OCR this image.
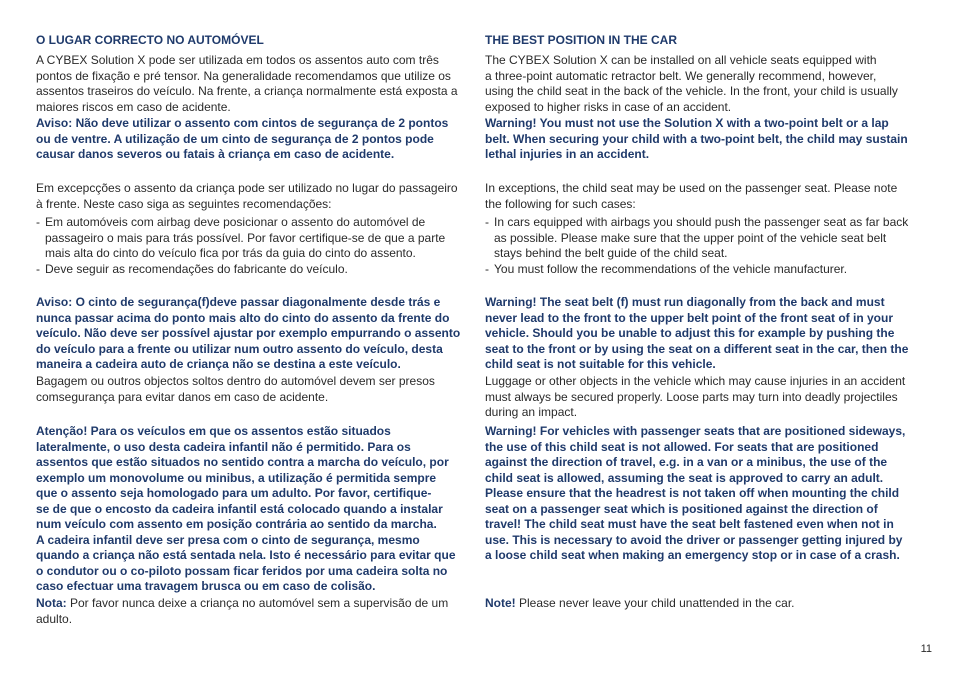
O LUGAR CORRECTO NO AUTOMÓVEL
A CYBEX Solution X pode ser utilizada em todos os assentos auto com três
pontos de fixação e pré tensor. Na generalidade recomendamos que utilize os
assentos traseiros do veículo. Na frente, a criança normalmente está exposta a
maiores riscos em caso de acidente.
Aviso: Não deve utilizar o assento com cintos de segurança de 2 pontos
ou de ventre. A utilização de um cinto de segurança de 2 pontos pode
causar danos severos ou fatais à criança em caso de acidente.
Em excepcções o assento da criança pode ser utilizado no lugar do passageiro
à frente. Neste caso siga as seguintes recomendações:
- Em automóveis com airbag deve posicionar o assento do automóvel de
passageiro o mais para trás possível. Por favor certifique-se de que a parte
mais alta do cinto do veículo fica por trás da guia do cinto do assento.
- Deve seguir as recomendações do fabricante do veículo.
Aviso: O cinto de segurança(f)deve passar diagonalmente desde trás e
nunca passar acima do ponto mais alto do cinto do assento da frente do
veículo. Não deve ser possível ajustar por exemplo empurrando o assento
do veículo para a frente ou utilizar num outro assento do veículo, desta
maneira a cadeira auto de criança não se destina a este veículo.
Bagagem ou outros objectos soltos dentro do automóvel devem ser presos
comsegurança para evitar danos em caso de acidente.
Atenção! Para os veículos em que os assentos estão situados
lateralmente, o uso desta cadeira infantil não é permitido. Para os
assentos que estão situados no sentido contra a marcha do veículo, por
exemplo um monovolume ou minibus, a utilização é permitida sempre
que o assento seja homologado para um adulto. Por favor, certifique-
se de que o encosto da cadeira infantil está colocado quando a instalar
num veículo com assento em posição contrária ao sentido da marcha.
A cadeira infantil deve ser presa com o cinto de segurança, mesmo
quando a criança não está sentada nela. Isto é necessário para evitar que
o condutor ou o co-piloto possam ficar feridos por uma cadeira solta no
caso efectuar uma travagem brusca ou em caso de colisão.
Nota: Por favor nunca deixe a criança no automóvel sem a supervisão de um
adulto.
THE BEST POSITION IN THE CAR
The CYBEX Solution X can be installed on all vehicle seats equipped with
a three-point automatic retractor belt. We generally recommend, however,
using the child seat in the back of the vehicle. In the front, your child is usually
exposed to higher risks in case of an accident.
Warning! You must not use the Solution X with a two-point belt or a lap
belt. When securing your child with a two-point belt, the child may sustain
lethal injuries in an accident.
In exceptions, the child seat may be used on the passenger seat. Please note
the following for such cases:
- In cars equipped with airbags you should push the passenger seat as far back
as possible. Please make sure that the upper point of the vehicle seat belt
stays behind the belt guide of the child seat.
- You must follow the recommendations of the vehicle manufacturer.
Warning! The seat belt (f) must run diagonally from the back and must
never lead to the front to the upper belt point of the front seat of in your
vehicle. Should you be unable to adjust this for example by pushing the
seat to the front or by using the seat on a different seat in the car, then the
child seat is not suitable for this vehicle.
Luggage or other objects in the vehicle which may cause injuries in an accident
must always be secured properly. Loose parts may turn into deadly projectiles
during an impact.
Warning! For vehicles with passenger seats that are positioned sideways,
the use of this child seat is not allowed. For seats that are positioned
against the direction of travel, e.g. in a van or a minibus, the use of the
child seat is allowed, assuming the seat is approved to carry an adult.
Please ensure that the headrest is not taken off when mounting the child
seat on a passenger seat which is positioned against the direction of
travel! The child seat must have the seat belt fastened even when not in
use. This is necessary to avoid the driver or passenger getting injured by
a loose child seat when making an emergency stop or in case of a crash.
Note! Please never leave your child unattended in the car.
11
